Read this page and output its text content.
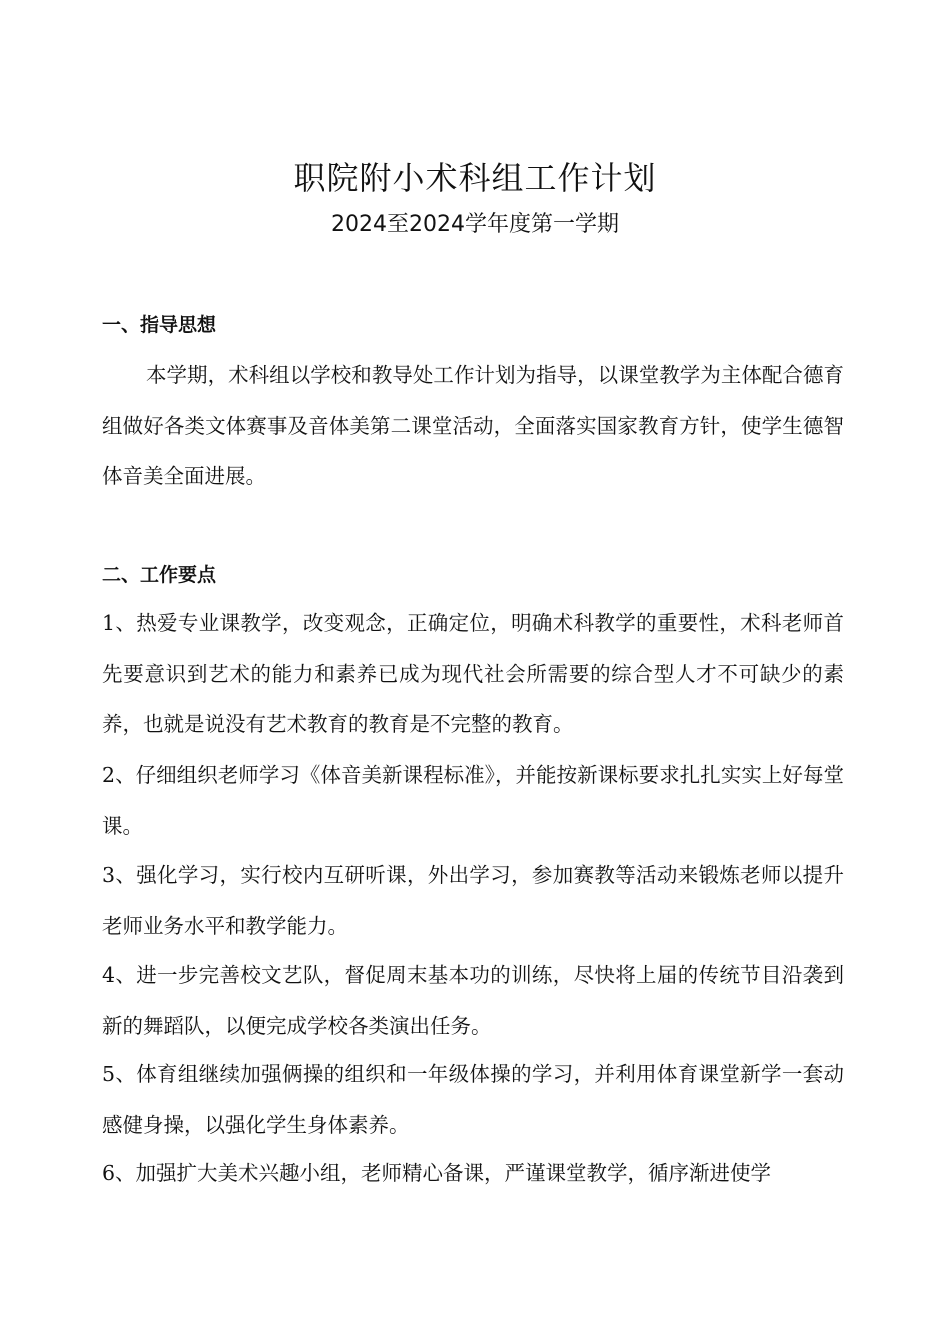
职院附小术科组工作计划
2024至2024学年度第一学期
一、指导思想

本学期，术科组以学校和教导处工作计划为指导，以课堂教学为主体配合德育组做好各类文体赛事及音体美第二课堂活动，全面落实国家教育方针，使学生德智体音美全面进展。

二、工作要点

1、热爱专业课教学，改变观念，正确定位，明确术科教学的重要性，术科老师首先要意识到艺术的能力和素养已成为现代社会所需要的综合型人才不可缺少的素养，也就是说没有艺术教育的教育是不完整的教育。

2、仔细组织老师学习《体音美新课程标准》，并能按新课标要求扎扎实实上好每堂课。

3、强化学习，实行校内互研听课，外出学习，参加赛教等活动来锻炼老师以提升老师业务水平和教学能力。

4、进一步完善校文艺队，督促周末基本功的训练，尽快将上届的传统节目沿袭到新的舞蹈队，以便完成学校各类演出任务。

5、体育组继续加强俩操的组织和一年级体操的学习，并利用体育课堂新学一套动感健身操，以强化学生身体素养。

6、加强扩大美术兴趣小组，老师精心备课，严谨课堂教学，循序渐进使学
